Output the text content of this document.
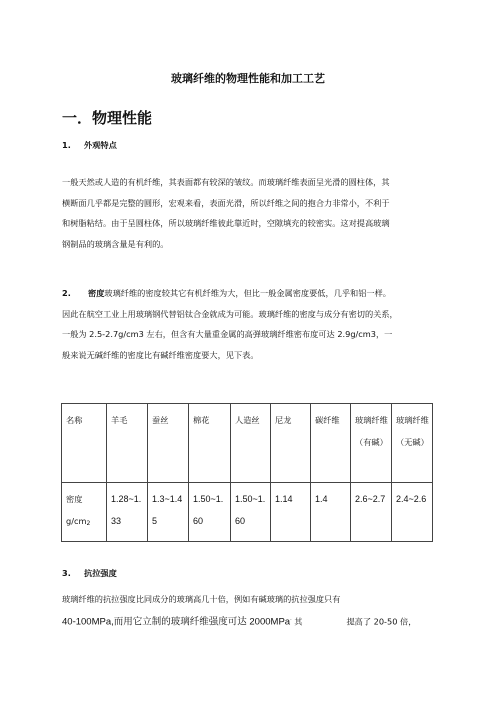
玻璃纤维的物理性能和加工工艺
一．物理性能
1. 外观特点
一般天然或人造的有机纤维，其表面都有较深的皱纹。而玻璃纤维表面呈光滑的圆柱体，其
横断面几乎都是完整的圆形，宏观来看，表面光滑，所以纤维之间的抱合力非常小，不利于
和树脂粘结。由于呈圆柱体，所以玻璃纤维彼此靠近时，空隙填充的较密实。这对提高玻璃
钢制品的玻璃含量是有利的。
2. 密度玻璃纤维的密度较其它有机纤维为大，但比一般金属密度要低，几乎和铝一样。
因此在航空工业上用玻璃钢代替铝钛合金就成为可能。玻璃纤维的密度与成分有密切的关系，
一般为 2.5-2.7g/cm3 左右，但含有大量重金属的高弹玻璃纤维密布度可达 2.9g/cm3，一
般来说无碱纤维的密度比有碱纤维密度要大，见下表。
名称	羊毛	蚕丝	棉花	人造丝	尼龙	碳纤维	玻璃纤维（有碱）	玻璃纤维（无碱）

密度
$g/cm_2$	1.28~1.33	1.3~1.45	1.50~1.60	1.50~1.60	1.14	1.4	2.6~2.7	2.4~2.6
3. 抗拉强度
玻璃纤维的抗拉强度比同成分的玻璃高几十倍，例如有碱玻璃的抗拉强度只有
40-100MPa,而用它立制的玻璃纤维强度可达 2000MPa· 其	提高了 20-50 倍，
